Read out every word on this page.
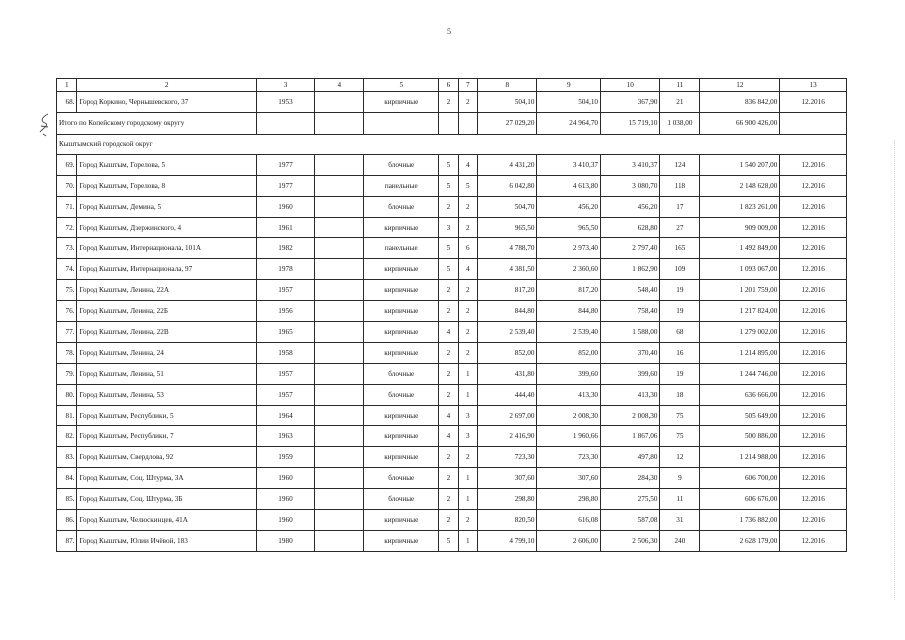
5
1	2	3	4	5	6	7	8	9	10	11	12	13
68.	Город Коркино, Чернышевского, 37	1953		кирпичные	2	2	504,10	504,10	367,90	21	836 842,00	12.2016
Итого по Копейскому городскому округу							27 029,20	24 964,70	15 719,10	1 038,00	66 900 426,00	
Кыштымский городской округ												
69.	Город Кыштым, Горелова, 5	1977		блочные	5	4	4 431,20	3 410,37	3 410,37	124	1 540 207,00	12.2016
70.	Город Кыштым, Горелова, 8	1977		панельные	5	5	6 042,80	4 613,80	3 080,70	118	2 148 628,00	12.2016
71.	Город Кыштым, Демина, 5	1960		блочные	2	2	504,70	456,20	456,20	17	1 823 261,00	12.2016
72.	Город Кыштым, Дзержинского, 4	1961		кирпичные	3	2	965,50	965,50	628,80	27	909 009,00	12.2016
73.	Город Кыштым, Интернационала, 101А	1982		панельные	5	6	4 788,70	2 973,40	2 797,40	165	1 492 849,00	12.2016
74.	Город Кыштым, Интернационала, 97	1978		кирпичные	5	4	4 381,50	2 360,60	1 862,90	109	1 093 067,00	12.2016
75.	Город Кыштым, Ленина, 22А	1957		кирпичные	2	2	817,20	817,20	548,40	19	1 201 759,00	12.2016
76.	Город Кыштым, Ленина, 22Б	1956		кирпичные	2	2	844,80	844,80	758,40	19	1 217 824,00	12.2016
77.	Город Кыштым, Ленина, 22В	1965		кирпичные	4	2	2 539,40	2 539,40	1 588,00	68	1 279 002,00	12.2016
78.	Город Кыштым, Ленина, 24	1958		кирпичные	2	2	852,00	852,00	370,40	16	1 214 895,00	12.2016
79.	Город Кыштым, Ленина, 51	1957		блочные	2	1	431,80	399,60	399,60	19	1 244 746,00	12.2016
80.	Город Кыштым, Ленина, 53	1957		блочные	2	1	444,40	413,30	413,30	18	636 666,00	12.2016
81.	Город Кыштым, Республики, 5	1964		кирпичные	4	3	2 697,00	2 008,30	2 008,30	75	505 649,00	12.2016
82.	Город Кыштым, Республики, 7	1963		кирпичные	4	3	2 416,90	1 960,66	1 867,06	75	500 886,00	12.2016
83.	Город Кыштым, Свердлова, 92	1959		кирпичные	2	2	723,30	723,30	497,80	12	1 214 988,00	12.2016
84.	Город Кыштым, Соц. Штурма, 3А	1960		блочные	2	1	307,60	307,60	284,30	9	606 700,00	12.2016
85.	Город Кыштым, Соц. Штурма, 3Б	1960		блочные	2	1	298,80	298,80	275,50	11	606 676,00	12.2016
86.	Город Кыштым, Челюскинцев, 41А	1960		кирпичные	2	2	820,50	616,08	587,08	31	1 736 882,00	12.2016
87.	Город Кыштым, Юлии Ичёвой, 183	1980		кирпичные	5	1	4 799,10	2 606,00	2 506,30	240	2 628 179,00	12.2016
